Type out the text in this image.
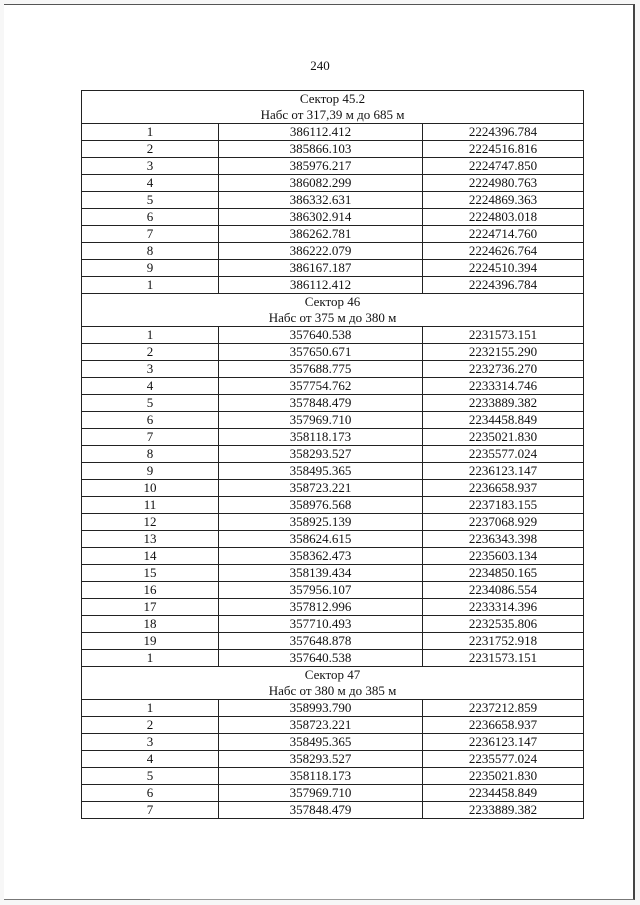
240
Сектор 45.2		
Набс от 317,39 м до 685 м		
1	386112.412	2224396.784
2	385866.103	2224516.816
3	385976.217	2224747.850
4	386082.299	2224980.763
5	386332.631	2224869.363
6	386302.914	2224803.018
7	386262.781	2224714.760
8	386222.079	2224626.764
9	386167.187	2224510.394
1	386112.412	2224396.784
Сектор 46		
Набс от 375 м до 380 м		
1	357640.538	2231573.151
2	357650.671	2232155.290
3	357688.775	2232736.270
4	357754.762	2233314.746
5	357848.479	2233889.382
6	357969.710	2234458.849
7	358118.173	2235021.830
8	358293.527	2235577.024
9	358495.365	2236123.147
10	358723.221	2236658.937
11	358976.568	2237183.155
12	358925.139	2237068.929
13	358624.615	2236343.398
14	358362.473	2235603.134
15	358139.434	2234850.165
16	357956.107	2234086.554
17	357812.996	2233314.396
18	357710.493	2232535.806
19	357648.878	2231752.918
1	357640.538	2231573.151
Сектор 47		
Набс от 380 м до 385 м		
1	358993.790	2237212.859
2	358723.221	2236658.937
3	358495.365	2236123.147
4	358293.527	2235577.024
5	358118.173	2235021.830
6	357969.710	2234458.849
7	357848.479	2233889.382
